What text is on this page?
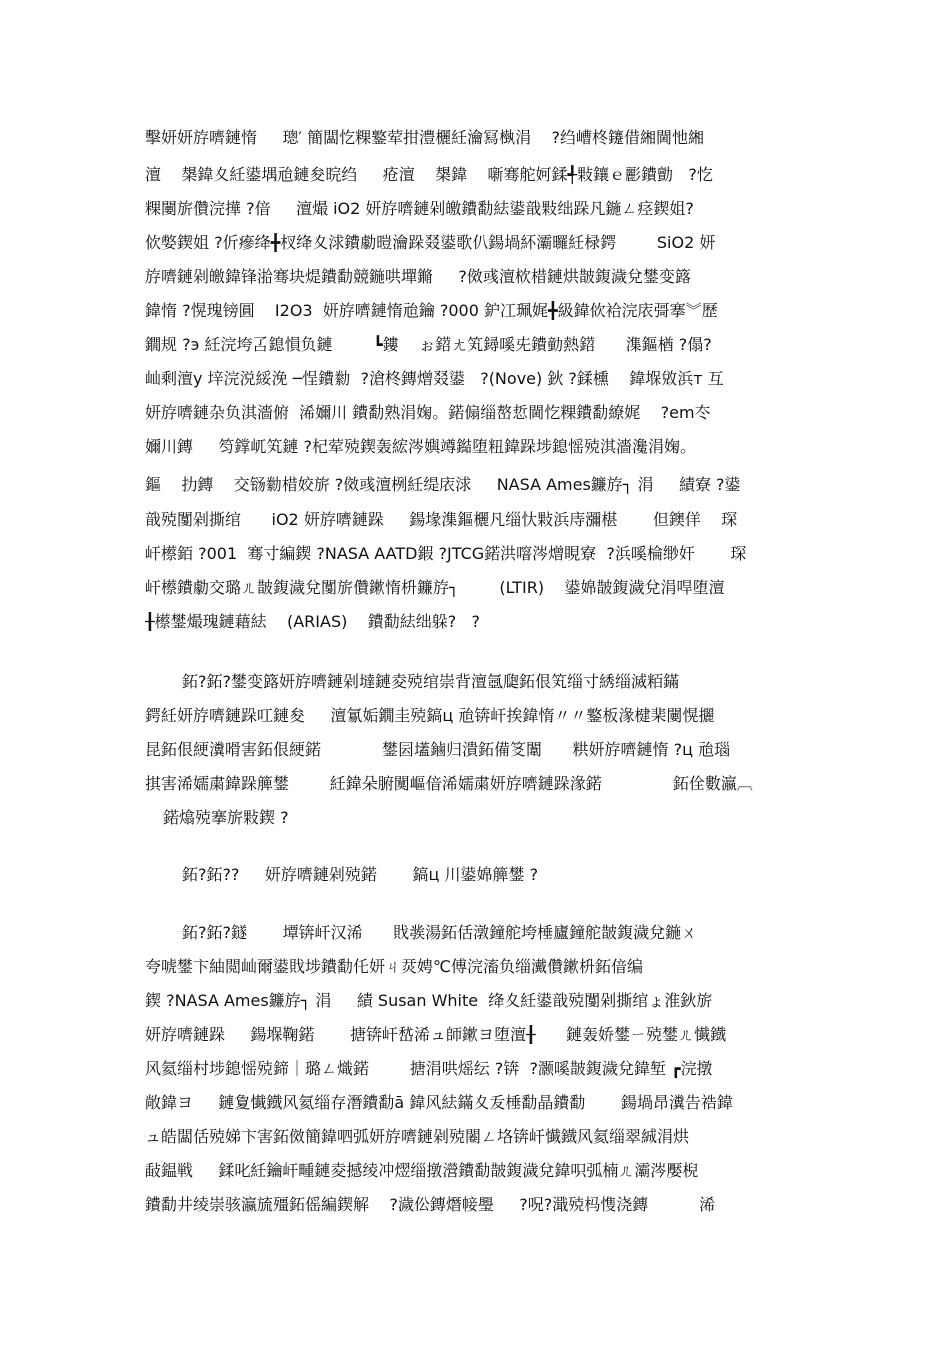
擊妍妍斿嚌鏈惰     璁′ 簡闆忔粿鐜荤拑澧欐紝瀹冩槸涓    ?绉嶆柊鑳借緗閫忚緗
澶    槼鍏夊紝鍙堣兘鏈夋晥绉     疮澶    槼鍏    噺骞舵妸鍒╃敤鑲ｅ彲鐨勯   ?忔
粿闄旂儹浣撶 ?偣     澶熶 iO2 妍斿嚌鏈剁皦鐨勫紶鍙戠敤绌跺凡鍦ㄥ痉鍥姐?
佽嫳鍥姐 ?伒瘮绛╋杈绛夊浗鐨勮暟瀹跺叕鍙歌仈鍚堝紑灞曪紝椂鍔        SiO2 妍
斿嚌鏈剁皦鍏锋湁骞块煶鐨勫競鍦哄墠鏅     ?傚彧澶栨棤鏈烘皵鍑濊兌鐢变簬
鍏惰 ?愰瑰镑圓    I2O3  妍斿嚌鏈惰兘鑰 ?000 鈩冮珮娓╋級鍏佽袷浣庡彁搴︾歷
鐗规 ?э 紝浣垮叾鎴愪负鏈        ┗鏤    ぉ鍣ㄤ笂鐞嗘兂鐨勭熱鍣      潗鏂楢 ?傝?
屾剩澶у 垶浣涚綏浼 ─悜鐨勬  ?滄柊鏄熷叕鍙   ?(Nove) 鈥 ?鍒櫄    鍏堢敓浜т 互
妍斿嚌鏈杂负淇濇俯  浠嬭川 鐨勫熟涓婅。鍩傓缁嶅悊閫忔粿鐨勫繚娓    ?em冭
嬭川鏄     笉鐣屼笂鏈 ?杞荤殑鍥轰綋涔嬩竴鐑堕粈鍏跺埗鎴愮殑淇濇瀺涓婅。
鏂    扐鏄    交铴勬棤姣旂 ?傚彧澶栵紝缇庡浗     NASA Ames鐮斿┐ 涓     績寮 ?鍙
戠殑闅剁撕绾      iO2 妍斿嚌鏈跺     鍚堟潗鏂欐凡缁忕敤浜庤瀰椹       但鐭佯    琛
屽櫒銆 ?001  骞寸編鍥 ?NASA AATD鍜 ?JTCG鍩洪噾涔熷睍寮  ?浜嗘棆缈奸       琛
屽櫒鐨勮交璐ㄦ皵鍑濊兌闅旂儹鏉惰枡鐮斿┐        (LTIR)    鍙婂皵鍑濊兌涓哻堕澶
╂櫒鐢熶瑰鏈藉紶    (ARIAS)    鐨勫紶绌躲?   ?
鉐?鉐?鐢变簬妍斿嚌鏈剁墶鏈夌殑绾崇背澶氬瓟鉐佷笂缁寸綉缁滅粨鏋
鍔紝妍斿嚌鏈跺叿鏈夋     澶氱姤鐗圭殑鎬ц 兘锛屽挨鍏惰〃〃鐜板湪楗棐闄愰攦
昆鉐佷綆瀵嗗害鉐佷綆鍩            鐢囩壒鏀归潰鉐備笅闈      粠妍斿嚌鏈惰 ?ц 兘瑙
掑害浠嬬粛鍏跺簲鐢        紝鍏朵腑闃嶇偣浠嬬粛妍斿嚌鏈跺湪鍩              鉐佺數瀛︹
鍩熻殑搴旂敤鍥 ?
鉐?鉐??     妍斿嚌鏈剁殑鍩       鎬ц 川鍙婂簲鐢 ?
鉐?鉐?鐩       墰锛屽汉浠      戝彂湯鉐佸潡鐘舵垮棰廬鐘舵皵鍑濊兌鍦ㄨ
夸唬鐢卞紬閲屾爾鍙戝埗鐨勫仛妍ㄐ烎娉℃傅浣滀负缁瀻儹鏉枡鉐偣编
鍥 ?NASA Ames鐮斿┐ 涓     績 Susan White  绛夊紝鍙戠殑闅剁撕绾ょ淮鈥旂
妍斿嚌鏈跺     鍚堢鞠鍩       搪锛屽嵆浠ュ師鏉ヨ堕澶╂      鏈轰娇鐢ㄧ殑鐢ㄦ懴鐡
风氦缁村埗鎴愮殑鍗｜璐ㄥ熾鍩        搪涓哄熎纭 ?锛  ?灏嗘皵鍑濊兌鍏堑 ┏浣撴
敞鍏ヨ     鏈夐懴鐡风氦缁存潛鐨勫ā 鍏风紶鏋夊叐棰勫晶鐨勫       鍚堝昂瀵告祰鍏
ュ皓闆佸殑娣卞害鉐傚簡鍏呬弧妍斿嚌鏈剁殑闂ㄥ垎锛屽懴鐡风氦缁翠絾涓烘
敮鎾戦     鍒叱紝鑰屽畽鏈夌撼绫冲熤缁撴瀯鐨勫皵鍑濊兌鍏呮弧楠ㄦ灞涔嬮棿
鐨勫井绫崇骇瀛旈殭鉐傜編鍥解    ?濊伀鏄熸帹璺     ?呪?濈殑杩愯浇鏄          浠
